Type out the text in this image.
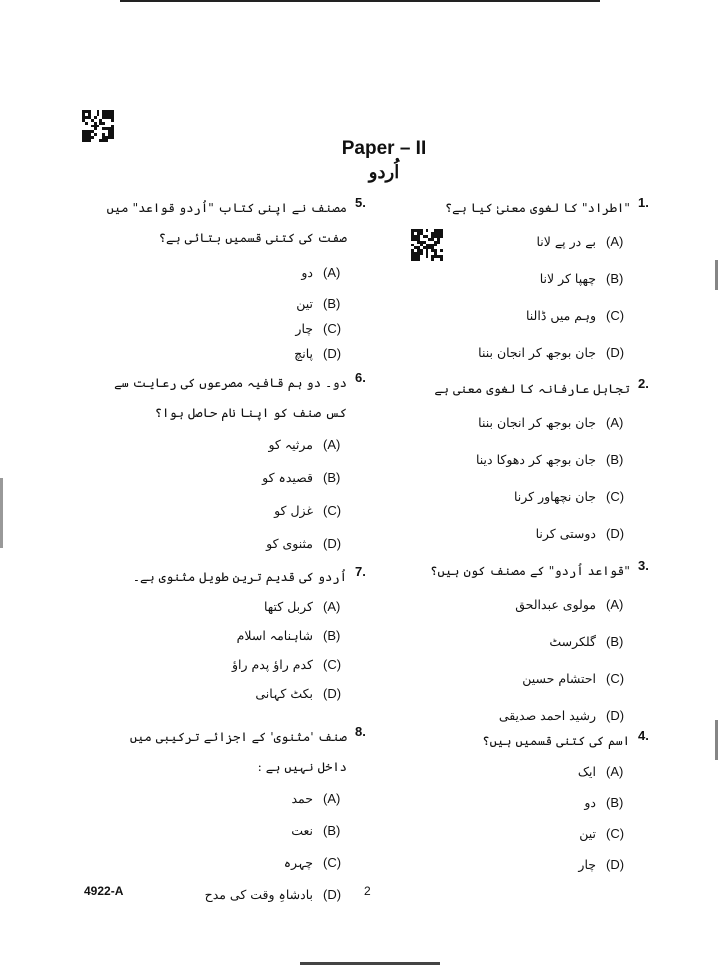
Paper – II
اُردو
1.
"اطراد" کا لغوی معنیٰ کیا ہے؟
(A)
بے در پے لانا
(B)
چھپا کر لانا
(C)
وہم میں ڈالنا
(D)
جان بوجھ کر انجان بننا
2.
تجاہل عارفانہ کا لغوی معنی ہے
(A)
جان بوجھ کر انجان بننا
(B)
جان بوجھ کر دھوکا دینا
(C)
جان نچھاور کرنا
(D)
دوستی کرنا
3.
"قواعد اُردو" کے مصنف کون ہیں؟
(A)
مولوی عبدالحق
(B)
گلکرسٹ
(C)
احتشام حسین
(D)
رشید احمد صدیقی
4.
اسم کی کتنی قسمیں ہیں؟
(A)
ایک
(B)
دو
(C)
تین
(D)
چار
5.
مصنف نے اپنی کتاب "اُردو قواعد" میں صفت کی کتنی قسمیں بتائی ہے؟
(A)
دو
(B)
تین
(C)
چار
(D)
پانچ
6.
دو۔ دو ہم قافیہ مصرعوں کی رعایت سے کس صنف کو اپنا نام حاصل ہوا؟
(A)
مرثیہ کو
(B)
قصیدہ کو
(C)
غزل کو
(D)
مثنوی کو
7.
اُردو کی قدیم ترین طویل مثنوی ہے۔
(A)
کربل کتھا
(B)
شاہنامہ اسلام
(C)
کدم راؤ پدم راؤ
(D)
بکٹ کہانی
8.
صنف 'مثنوی' کے اجزائے ترکیبی میں داخل نہیں ہے :
(A)
حمد
(B)
نعت
(C)
چہرہ
(D)
بادشاہِ وقت کی مدح
4922-A	2
